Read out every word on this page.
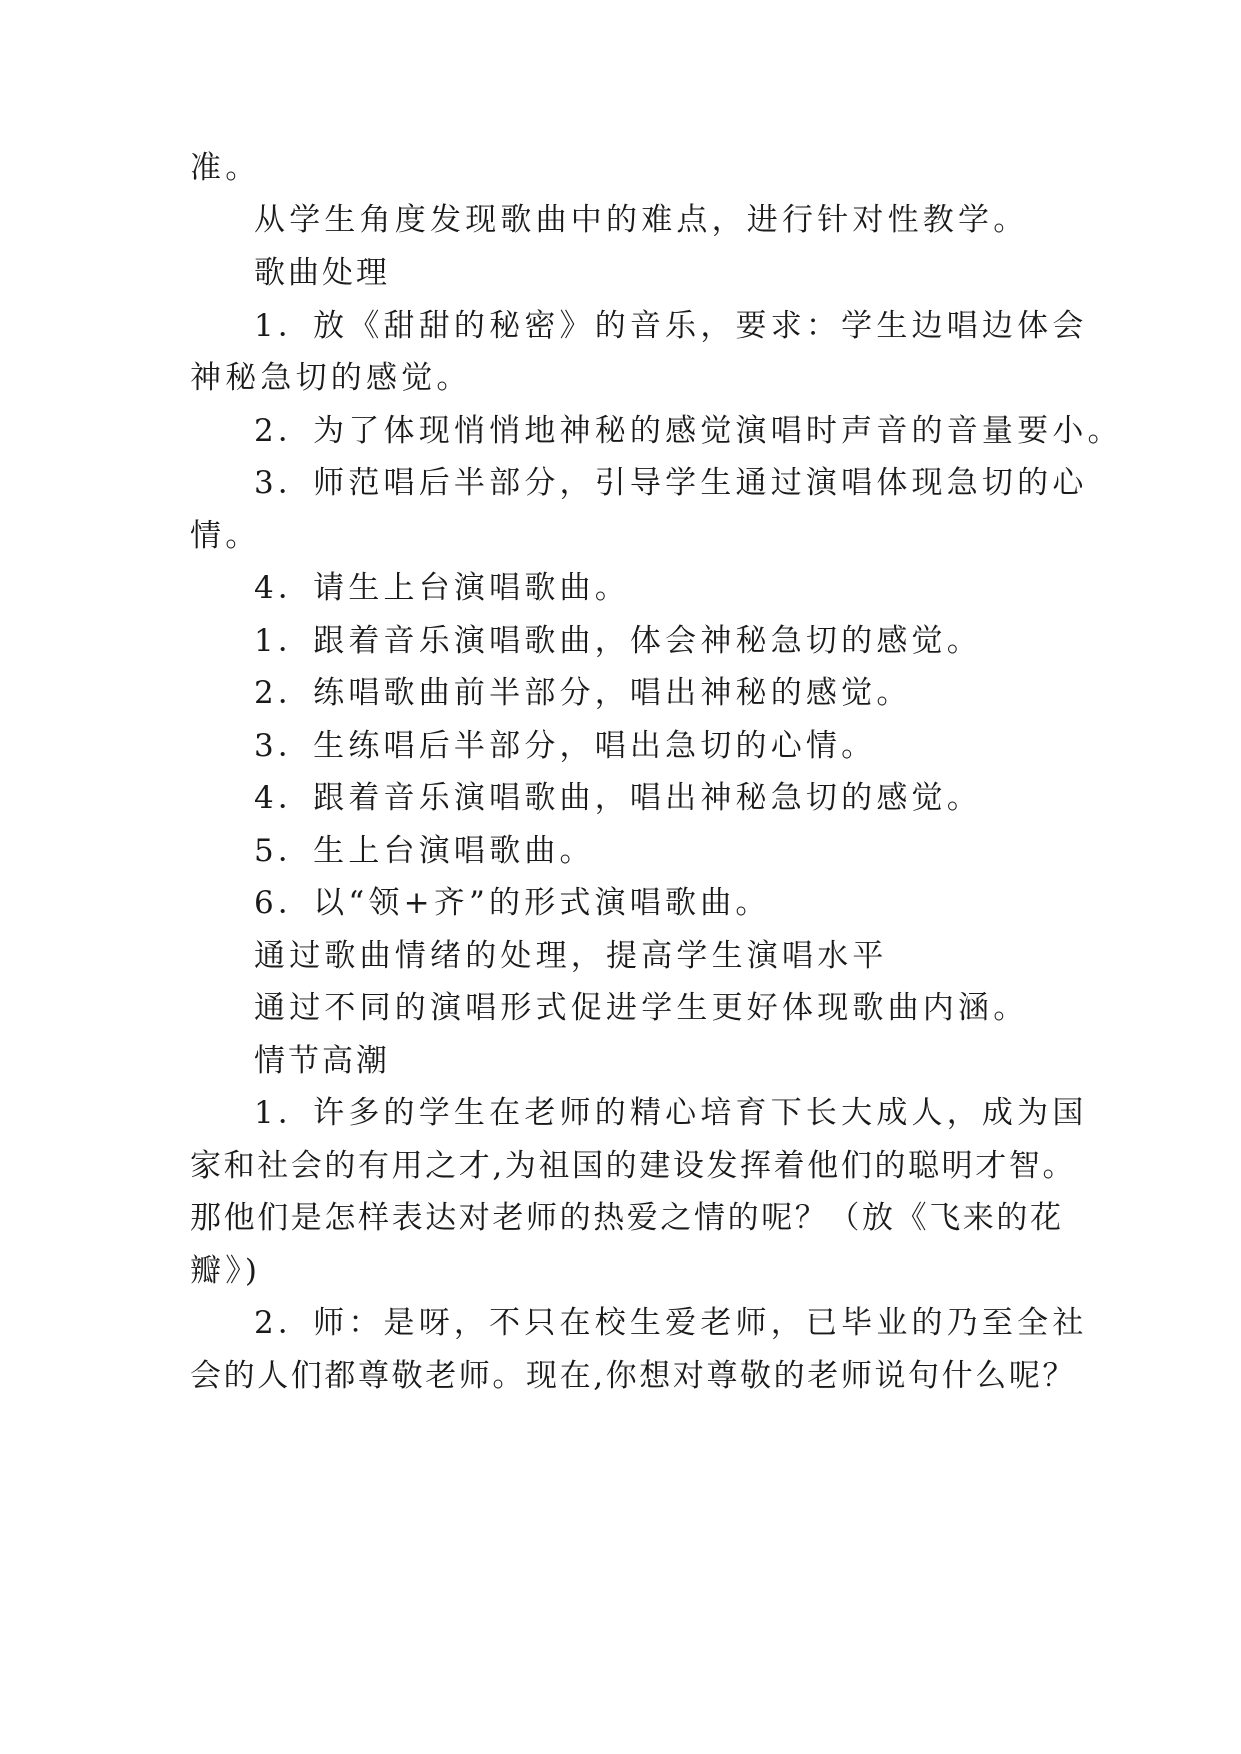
准。

从学生角度发现歌曲中的难点，进行针对性教学。

歌曲处理

1．放《甜甜的秘密》的音乐，要求：学生边唱边体会

神秘急切的感觉。

2．为了体现悄悄地神秘的感觉演唱时声音的音量要小。

3．师范唱后半部分，引导学生通过演唱体现急切的心

情。

4．请生上台演唱歌曲。

1．跟着音乐演唱歌曲，体会神秘急切的感觉。

2．练唱歌曲前半部分，唱出神秘的感觉。

3．生练唱后半部分，唱出急切的心情。

4．跟着音乐演唱歌曲，唱出神秘急切的感觉。

5．生上台演唱歌曲。

6．以“领+齐”的形式演唱歌曲。

通过歌曲情绪的处理，提高学生演唱水平

通过不同的演唱形式促进学生更好体现歌曲内涵。

情节高潮

1．许多的学生在老师的精心培育下长大成人，成为国

家和社会的有用之才,为祖国的建设发挥着他们的聪明才智。

那他们是怎样表达对老师的热爱之情的呢？（放《飞来的花

瓣》)

2．师：是呀，不只在校生爱老师，已毕业的乃至全社

会的人们都尊敬老师。现在,你想对尊敬的老师说句什么呢？
